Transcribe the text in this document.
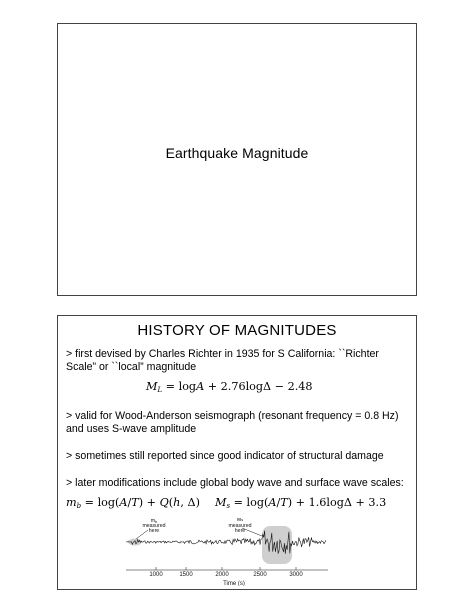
Earthquake Magnitude
HISTORY OF MAGNITUDES
> first devised by Charles Richter in 1935 for S California: ``Richter Scale” or ``local” magnitude
$M_L = \log A + 2.76\log\Delta - 2.48$
> valid for Wood-Anderson seismograph (resonant frequency = 0.8 Hz) and uses S-wave amplitude
> sometimes still reported since good indicator of structural damage
> later modifications include global body wave and surface wave scales:
$m_b = \log(A/T) + Q(h$, Δ) $M_s = \log(A/T) + 1.6\log\Delta + 3.3$
mb
measured
here
Ms
measured
here
1000	1500	2000	2500	3000
Time (s)
